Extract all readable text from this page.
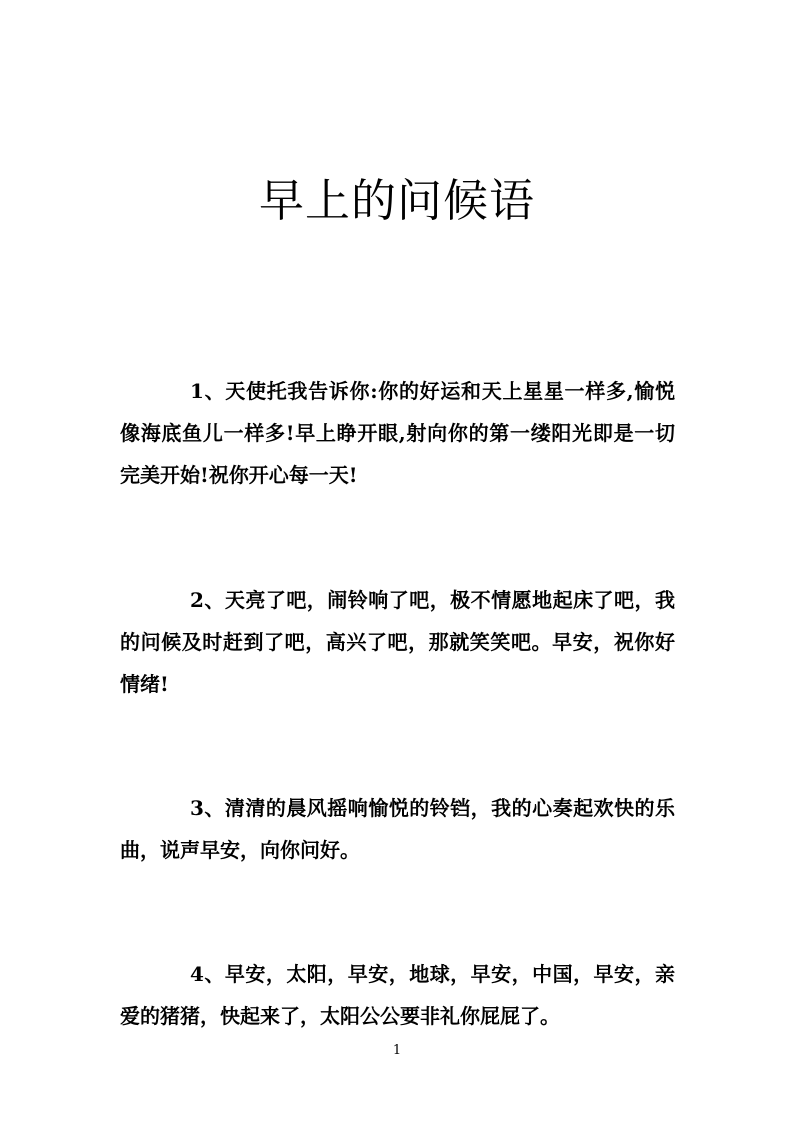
早上的问候语

1、天使托我告诉你:你的好运和天上星星一样多,愉悦像海底鱼儿一样多!早上睁开眼,射向你的第一缕阳光即是一切完美开始!祝你开心每一天!

2、天亮了吧，闹铃响了吧，极不情愿地起床了吧，我的问候及时赶到了吧，高兴了吧，那就笑笑吧。早安，祝你好情绪!

3、清清的晨风摇响愉悦的铃铛，我的心奏起欢快的乐曲，说声早安，向你问好。

4、早安，太阳，早安，地球，早安，中国，早安，亲爱的猪猪，快起来了，太阳公公要非礼你屁屁了。

1
